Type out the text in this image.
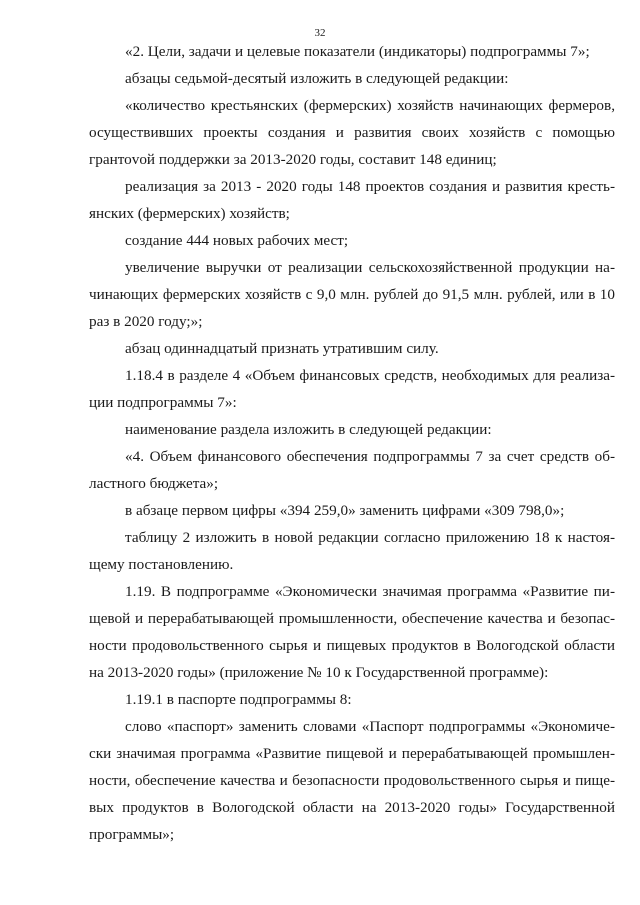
32

«2. Цели, задачи и целевые показатели (индикаторы) подпрограммы 7»;

абзацы седьмой-десятый изложить в следующей редакции:

«количество крестьянских (фермерских) хозяйств начинающих фермеров, осуществивших проекты создания и развития своих хозяйств с помощью грантоvой поддержки за 2013-2020 годы, составит 148 единиц;

реализация за 2013 - 2020 годы 148 проектов создания и развития крестьянских (фермерских) хозяйств;

создание 444 новых рабочих мест;

увеличение выручки от реализации сельскохозяйственной продукции начинающих фермерских хозяйств с 9,0 млн. рублей до 91,5 млн. рублей, или в 10 раз в 2020 году;»;

абзац одиннадцатый признать утратившим силу.

1.18.4 в разделе 4 «Объем финансовых средств, необходимых для реализации подпрограммы 7»:

наименование раздела изложить в следующей редакции:

«4. Объем финансового обеспечения подпрограммы 7 за счет средств областного бюджета»;

в абзаце первом цифры «394 259,0» заменить цифрами «309 798,0»;

таблицу 2 изложить в новой редакции согласно приложению 18 к настоящему постановлению.

1.19. В подпрограмме «Экономически значимая программа «Развитие пищевой и перерабатывающей промышленности, обеспечение качества и безопасности продовольственного сырья и пищевых продуктов в Вологодской области на 2013-2020 годы» (приложение № 10 к Государственной программе):

1.19.1 в паспорте подпрограммы 8:

слово «паспорт» заменить словами «Паспорт подпрограммы «Экономически значимая программа «Развитие пищевой и перерабатывающей промышленности, обеспечение качества и безопасности продовольственного сырья и пищевых продуктов в Вологодской области на 2013-2020 годы» Государственной программы»;
